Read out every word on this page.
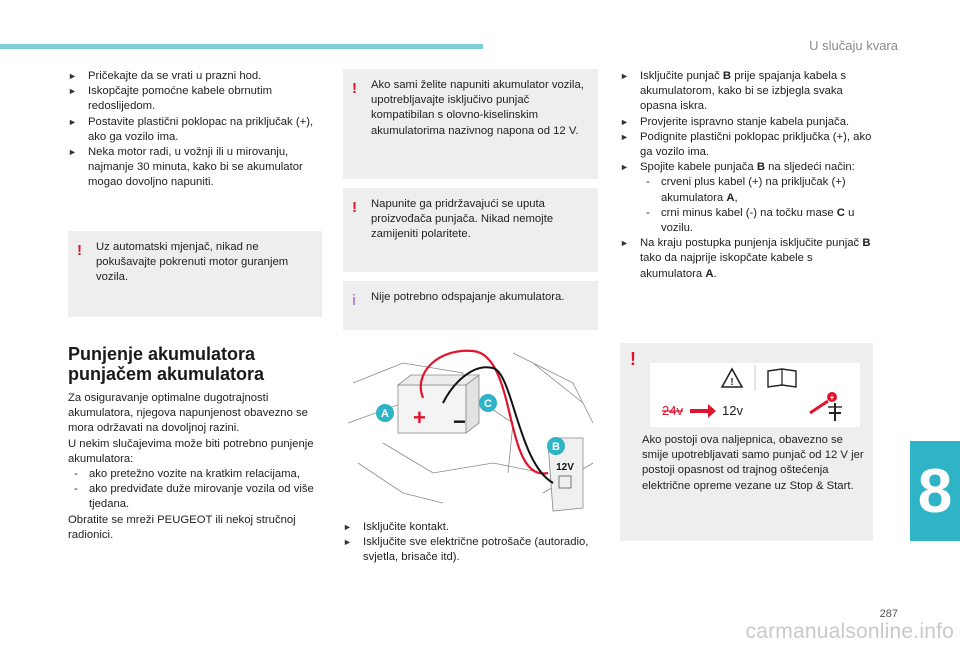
U slučaju kvara
8
287
carmanualsonline.info
► Pričekajte da se vrati u prazni hod.
► Iskopčajte pomoćne kabele obrnutim redoslijedom.
► Postavite plastični poklopac na priključak (+), ako ga vozilo ima.
► Neka motor radi, u vožnji ili u mirovanju, najmanje 30 minuta, kako bi se akumulator mogao dovoljno napuniti.
! Uz automatski mjenjač, nikad ne pokušavajte pokrenuti motor guranjem vozila.
Punjenje akumulatora
punjačem akumulatora

Za osiguravanje optimalne dugotrajnosti akumulatora, njegova napunjenost obavezno se mora održavati na dovoljnoj razini.

U nekim slučajevima može biti potrebno punjenje akumulatora:

- ako pretežno vozite na kratkim relacijama,
- ako predviđate duže mirovanje vozila od više tjedana.

Obratite se mreži PEUGEOT ili nekoj stručnoj radionici.

! Ako sami želite napuniti akumulator vozila, upotrebljavajte isključivo punjač kompatibilan s olovno-kiselinskim akumulatorima nazivnog napona od 12 V.
! Napunite ga pridržavajući se uputa proizvođača punjača. Nikad nemojte zamijeniti polaritete.
i Nije potrebno odspajanje akumulatora.
+ −
A
C
B
12V
► Isključite kontakt.
► Isključite sve električne potrošače (autoradio, svjetla, brisače itd).
► Isključite punjač B prije spajanja kabela s akumulatorom, kako bi se izbjegla svaka opasna iskra.
► Provjerite ispravno stanje kabela punjača.
► Podignite plastični poklopac priključka (+), ako ga vozilo ima.
► Spojite kabele punjača B na sljedeći način:
- crveni plus kabel (+) na priključak (+) akumulatora A,
- crni minus kabel (-) na točku mase C u vozilu.
► Na kraju postupka punjenja isključite punjač B tako da najprije iskopčate kabele s akumulatora A.
!
!
24v	12v
+
Ako postoji ova naljepnica, obavezno se smije upotrebljavati samo punjač od 12 V jer postoji opasnost od trajnog oštećenja električne opreme vezane uz Stop & Start.
